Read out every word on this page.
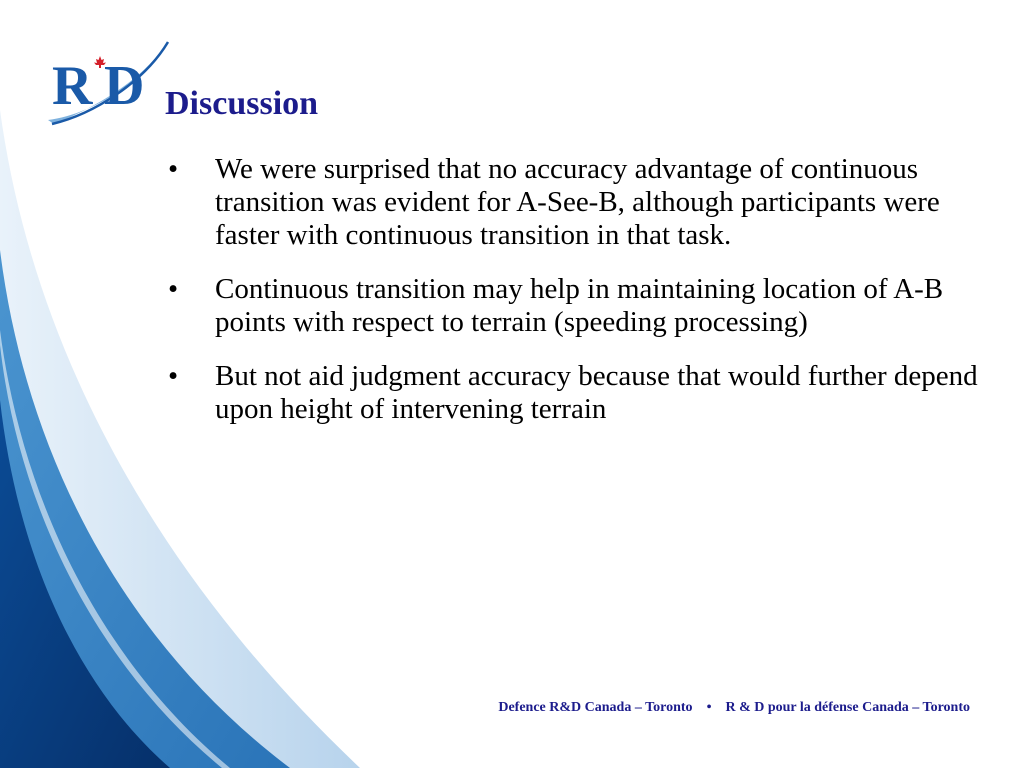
R D Discussion
• We were surprised that no accuracy advantage of continuous transition was evident for A-See-B, although participants were faster with continuous transition in that task.
• Continuous transition may help in maintaining location of A-B points with respect to terrain (speeding processing)
• But not aid judgment accuracy because that would further depend upon height of intervening terrain
Defence R&D Canada – Toronto • R & D pour la défense Canada – Toronto
